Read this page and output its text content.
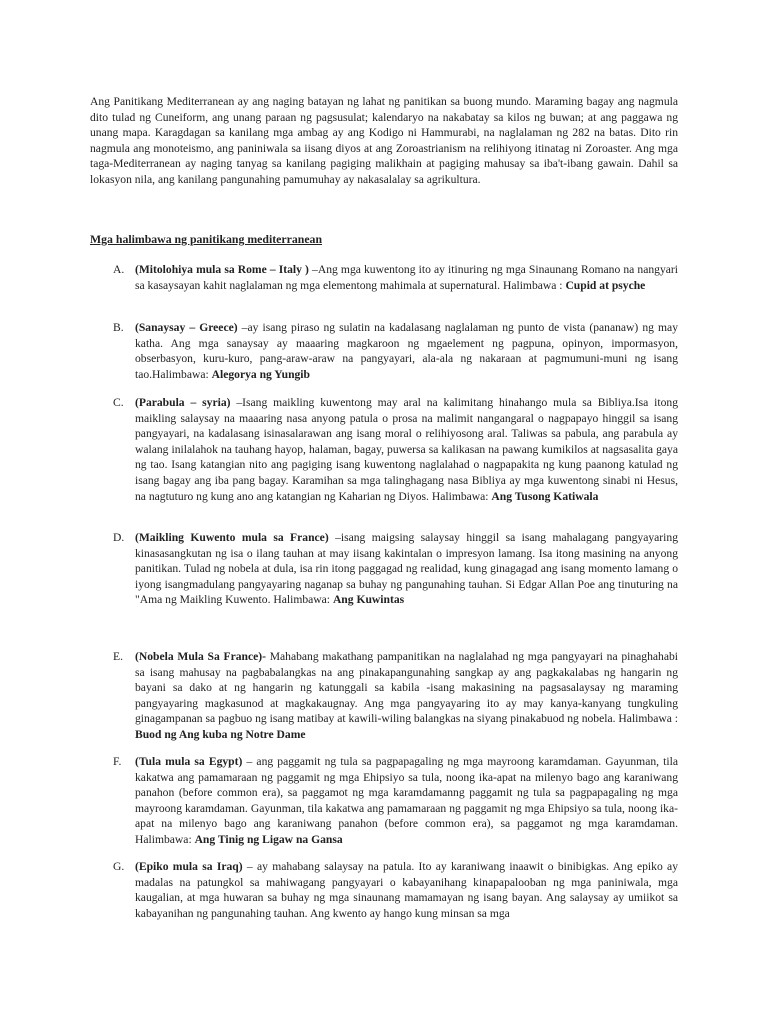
Ang Panitikang Mediterranean ay ang naging batayan ng lahat ng panitikan sa buong mundo. Maraming bagay ang nagmula dito tulad ng Cuneiform, ang unang paraan ng pagsusulat; kalendaryo na nakabatay sa kilos ng buwan; at ang paggawa ng unang mapa. Karagdagan sa kanilang mga ambag ay ang Kodigo ni Hammurabi, na naglalaman ng 282 na batas. Dito rin nagmula ang monoteismo, ang paniniwala sa iisang diyos at ang Zoroastrianism na relihiyong itinatag ni Zoroaster. Ang mga taga-Mediterranean ay naging tanyag sa kanilang pagiging malikhain at pagiging mahusay sa iba't-ibang gawain. Dahil sa lokasyon nila, ang kanilang pangunahing pamumuhay ay nakasalalay sa agrikultura.

Mga halimbawa ng panitikang mediterranean

A. (Mitolohiya mula sa Rome – Italy ) –Ang mga kuwentong ito ay itinuring ng mga Sinaunang Romano na nangyari sa kasaysayan kahit naglalaman ng mga elementong mahimala at supernatural. Halimbawa : Cupid at psyche

B. (Sanaysay – Greece) –ay isang piraso ng sulatin na kadalasang naglalaman ng punto de vista (pananaw) ng may katha. Ang mga sanaysay ay maaaring magkaroon ng mgaelement ng pagpuna, opinyon, impormasyon, obserbasyon, kuru-kuro, pang-araw-araw na pangyayari, ala-ala ng nakaraan at pagmumuni-muni ng isang tao.Halimbawa: Alegorya ng Yungib

C. (Parabula – syria) –Isang maikling kuwentong may aral na kalimitang hinahango mula sa Bibliya.Isa itong maikling salaysay na maaaring nasa anyong patula o prosa na malimit nangangaral o nagpapayo hinggil sa isang pangyayari, na kadalasang isinasalarawan ang isang moral o relihiyosong aral. Taliwas sa pabula, ang parabula ay walang inilalahok na tauhang hayop, halaman, bagay, puwersa sa kalikasan na pawang kumikilos at nagsasalita gaya ng tao. Isang katangian nito ang pagiging isang kuwentong naglalahad o nagpapakita ng kung paanong katulad ng isang bagay ang iba pang bagay. Karamihan sa mga talinghagang nasa Bibliya ay mga kuwentong sinabi ni Hesus, na nagtuturo ng kung ano ang katangian ng Kaharian ng Diyos. Halimbawa: Ang Tusong Katiwala

D. (Maikling Kuwento mula sa France) –isang maigsing salaysay hinggil sa isang mahalagang pangyayaring kinasasangkutan ng isa o ilang tauhan at may iisang kakintalan o impresyon lamang. Isa itong masining na anyong panitikan. Tulad ng nobela at dula, isa rin itong paggagad ng realidad, kung ginagagad ang isang momento lamang o iyong isangmadulang pangyayaring naganap sa buhay ng pangunahing tauhan. Si Edgar Allan Poe ang tinuturing na "Ama ng Maikling Kuwento. Halimbawa: Ang Kuwintas

E. (Nobela Mula Sa France)- Mahabang makathang pampanitikan na naglalahad ng mga pangyayari na pinaghahabi sa isang mahusay na pagbabalangkas na ang pinakapangunahing sangkap ay ang pagkakalabas ng hangarin ng bayani sa dako at ng hangarin ng katunggali sa kabila -isang makasining na pagsasalaysay ng maraming pangyayaring magkasunod at magkakaugnay. Ang mga pangyayaring ito ay may kanya-kanyang tungkuling ginagampanan sa pagbuo ng isang matibay at kawili-wiling balangkas na siyang pinakabuod ng nobela. Halimbawa : Buod ng Ang kuba ng Notre Dame

F. (Tula mula sa Egypt) – ang paggamit ng tula sa pagpapagaling ng mga mayroong karamdaman. Gayunman, tila kakatwa ang pamamaraan ng paggamit ng mga Ehipsiyo sa tula, noong ika-apat na milenyo bago ang karaniwang panahon (before common era), sa paggamot ng mga karamdamanng paggamit ng tula sa pagpapagaling ng mga mayroong karamdaman. Gayunman, tila kakatwa ang pamamaraan ng paggamit ng mga Ehipsiyo sa tula, noong ika-apat na milenyo bago ang karaniwang panahon (before common era), sa paggamot ng mga karamdaman. Halimbawa: Ang Tinig ng Ligaw na Gansa

G. (Epiko mula sa Iraq) – ay mahabang salaysay na patula. Ito ay karaniwang inaawit o binibigkas. Ang epiko ay madalas na patungkol sa mahiwagang pangyayari o kabayanihang kinapapalooban ng mga paniniwala, mga kaugalian, at mga huwaran sa buhay ng mga sinaunang mamamayan ng isang bayan. Ang salaysay ay umiikot sa kabayanihan ng pangunahing tauhan. Ang kwento ay hango kung minsan sa mga
